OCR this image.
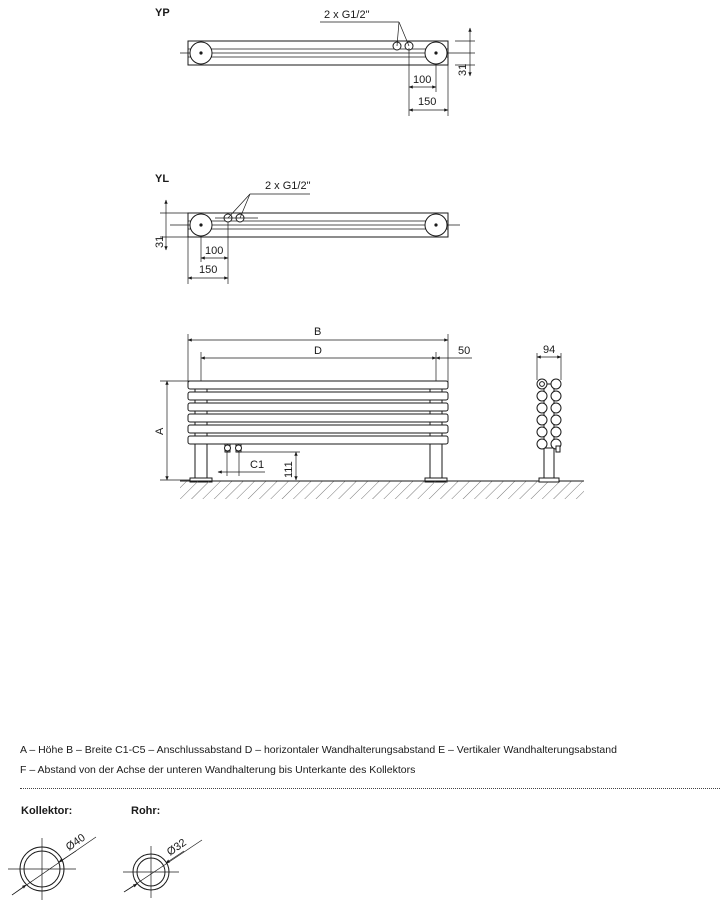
YP	2 x G1/2"
31
100
150
YL
2 x G1/2"
31
100
150
B
D	50
C1 111
A
94
Ø40	Ø32
A – Höhe B – Breite C1-C5 – Anschlussabstand D – horizontaler Wandhalterungsabstand E – Vertikaler Wandhalterungsabstand
F – Abstand von der Achse der unteren Wandhalterung bis Unterkante des Kollektors
Kollektor:	Rohr:
